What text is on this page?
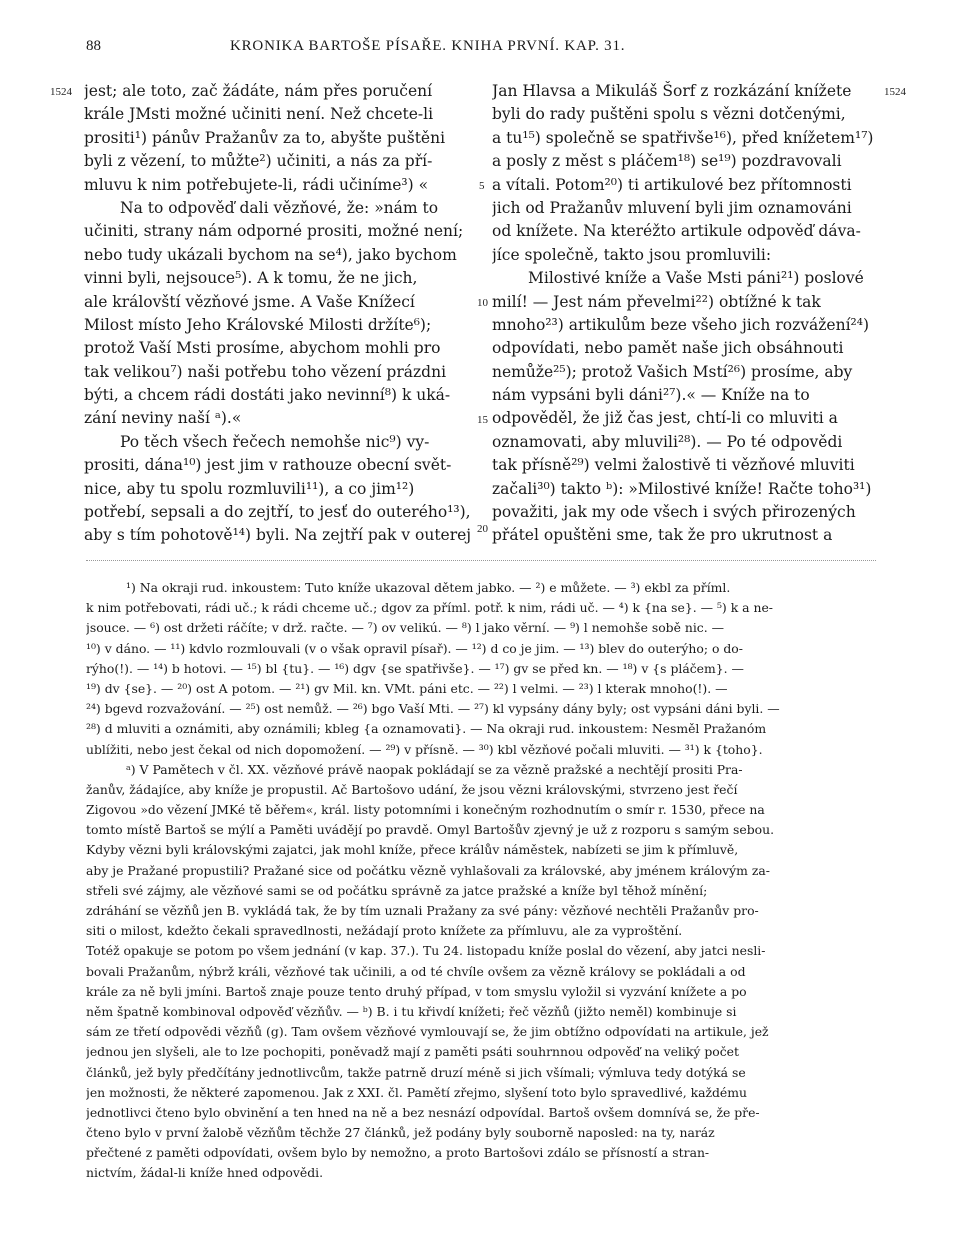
88	KRONIKA BARTOŠE PÍSAŘE. KNIHA PRVNÍ. KAP. 31.
1524	1524
5
10
15
20
jest; ale toto, zač žádáte, nám přes poručení
krále JMsti možné učiniti není. Než chcete-li
prositi¹) pánův Pražanův za to, abyšte puštěni
byli z vězení, to můžte²) učiniti, a nás za pří-
mluvu k nim potřebujete-li, rádi učiníme³) «
Na to odpověď dali vězňové, že: »nám to
učiniti, strany nám odporné prositi, možné není;
nebo tudy ukázali bychom na se⁴), jako bychom
vinni byli, nejsouce⁵). A k tomu, že ne jich,
ale královští vězňové jsme. A Vaše Knížecí
Milost místo Jeho Královské Milosti držíte⁶);
protož Vaší Msti prosíme, abychom mohli pro
tak velikou⁷) naši potřebu toho vězení prázdni
býti, a chcem rádi dostáti jako nevinní⁸) k uká-
zání neviny naší ᵃ).«
Po těch všech řečech nemohše nic⁹) vy-
prositi, dána¹⁰) jest jim v rathouze obecní svět-
nice, aby tu spolu rozmluvili¹¹), a co jim¹²)
potřebí, sepsali a do zejtří, to jesť do outerého¹³),
aby s tím pohotově¹⁴) byli. Na zejtří pak v outerej
Jan Hlavsa a Mikuláš Šorf z rozkázání knížete
byli do rady puštěni spolu s vězni dotčenými,
a tu¹⁵) společně se spatřivše¹⁶), před knížetem¹⁷)
a posly z měst s pláčem¹⁸) se¹⁹) pozdravovali
a vítali. Potom²⁰) ti artikulové bez přítomnosti
jich od Pražanův mluvení byli jim oznamováni
od knížete. Na kteréžto artikule odpověď dáva-
jíce společně, takto jsou promluvili:
Milostivé kníže a Vaše Msti páni²¹) poslové
milí! — Jest nám převelmi²²) obtížné k tak
mnoho²³) artikulům beze všeho jich rozvážení²⁴)
odpovídati, nebo pamět naše jich obsáhnouti
nemůže²⁵); protož Vašich Mstí²⁶) prosíme, aby
nám vypsáni byli dáni²⁷).« — Kníže na to
odpověděl, že již čas jest, chtí-li co mluviti a
oznamovati, aby mluvili²⁸). — Po té odpovědi
tak přísně²⁹) velmi žalostivě ti vězňové mluviti
začali³⁰) takto ᵇ): »Milostivé kníže! Račte toho³¹)
považiti, jak my ode všech i svých přirozených
přátel opuštěni sme, tak že pro ukrutnost a
¹) Na okraji rud. inkoustem: Tuto kníže ukazoval dětem jabko. — ²) e můžete. — ³) ekbl za příml.
k nim potřebovati, rádi uč.; k rádi chceme uč.; dgov za příml. potř. k nim, rádi uč. — ⁴) k {na se}. — ⁵) k a ne-
jsouce. — ⁶) ost držeti ráčíte; v drž. račte. — ⁷) ov velikú. — ⁸) l jako věrní. — ⁹) l nemohše sobě nic. —
¹⁰) v dáno. — ¹¹) kdvlo rozmlouvali (v o však opravil písař). — ¹²) d co je jim. — ¹³) blev do outerýho; o do-
rýho(!). — ¹⁴) b hotovi. — ¹⁵) bl {tu}. — ¹⁶) dgv {se spatřivše}. — ¹⁷) gv se před kn. — ¹⁸) v {s pláčem}. —
¹⁹) dv {se}. — ²⁰) ost A potom. — ²¹) gv Mil. kn. VMt. páni etc. — ²²) l velmi. — ²³) l kterak mnoho(!). —
²⁴) bgevd rozvažování. — ²⁵) ost nemůž. — ²⁶) bgo Vaší Mti. — ²⁷) kl vypsány dány byly; ost vypsáni dáni byli. —
²⁸) d mluviti a oznámiti, aby oznámili; kbleg {a oznamovati}. — Na okraji rud. inkoustem: Nesměl Pražanóm
ublížiti, nebo jest čekal od nich dopomožení. — ²⁹) v přísně. — ³⁰) kbl vězňové počali mluviti. — ³¹) k {toho}.
ᵃ) V Pamětech v čl. XX. vězňové právě naopak pokládají se za vězně pražské a nechtějí prositi Pra-
žanův, žádajíce, aby kníže je propustil. Ač Bartošovo udání, že jsou vězni královskými, stvrzeno jest řečí
Zigovou »do vězení JMKé tě běřem«, král. listy potomními i konečným rozhodnutím o smír r. 1530, přece na
tomto místě Bartoš se mýlí a Paměti uvádějí po pravdě. Omyl Bartošův zjevný je už z rozporu s samým sebou.
Kdyby vězni byli královskými zajatci, jak mohl kníže, přece králův náměstek, nabízeti se jim k přímluvě,
aby je Pražané propustili? Pražané sice od počátku vězně vyhlašovali za královské, aby jménem královým za-
střeli své zájmy, ale vězňové sami se od počátku správně za jatce pražské a kníže byl těhož mínění;
zdráhání se vězňů jen B. vykládá tak, že by tím uznali Pražany za své pány: vězňové nechtěli Pražanův pro-
siti o milost, kdežto čekali spravedlnosti, nežádají proto knížete za přímluvu, ale za vyproštění.
Totéž opakuje se potom po všem jednání (v kap. 37.). Tu 24. listopadu kníže poslal do vězení, aby jatci nesli-
bovali Pražanům, nýbrž králi, vězňové tak učinili, a od té chvíle ovšem za vězně královy se pokládali a od
krále za ně byli jmíni. Bartoš znaje pouze tento druhý případ, v tom smyslu vyložil si vyzvání knížete a po
něm špatně kombinoval odpověď vězňův. — ᵇ) B. i tu křivdí knížeti; řeč vězňů (jižto neměl) kombinuje si
sám ze třetí odpovědi vězňů (g). Tam ovšem vězňové vymlouvají se, že jim obtížno odpovídati na artikule, jež
jednou jen slyšeli, ale to lze pochopiti, poněvadž mají z paměti psáti souhrnnou odpověď na veliký počet
článků, jež byly předčítány jednotlivcům, takže patrně druzí méně si jich všímali; výmluva tedy dotýká se
jen možnosti, že některé zapomenou. Jak z XXI. čl. Pamětí zřejmo, slyšení toto bylo spravedlivé, každému
jednotlivci čteno bylo obvinění a ten hned na ně a bez nesnází odpovídal. Bartoš ovšem domnívá se, že pře-
čteno bylo v první žalobě vězňům těchže 27 článků, jež podány byly souborně naposled: na ty, naráz
přečtené z paměti odpovídati, ovšem bylo by nemožno, a proto Bartošovi zdálo se přísností a stran-
nictvím, žádal-li kníže hned odpovědi.
